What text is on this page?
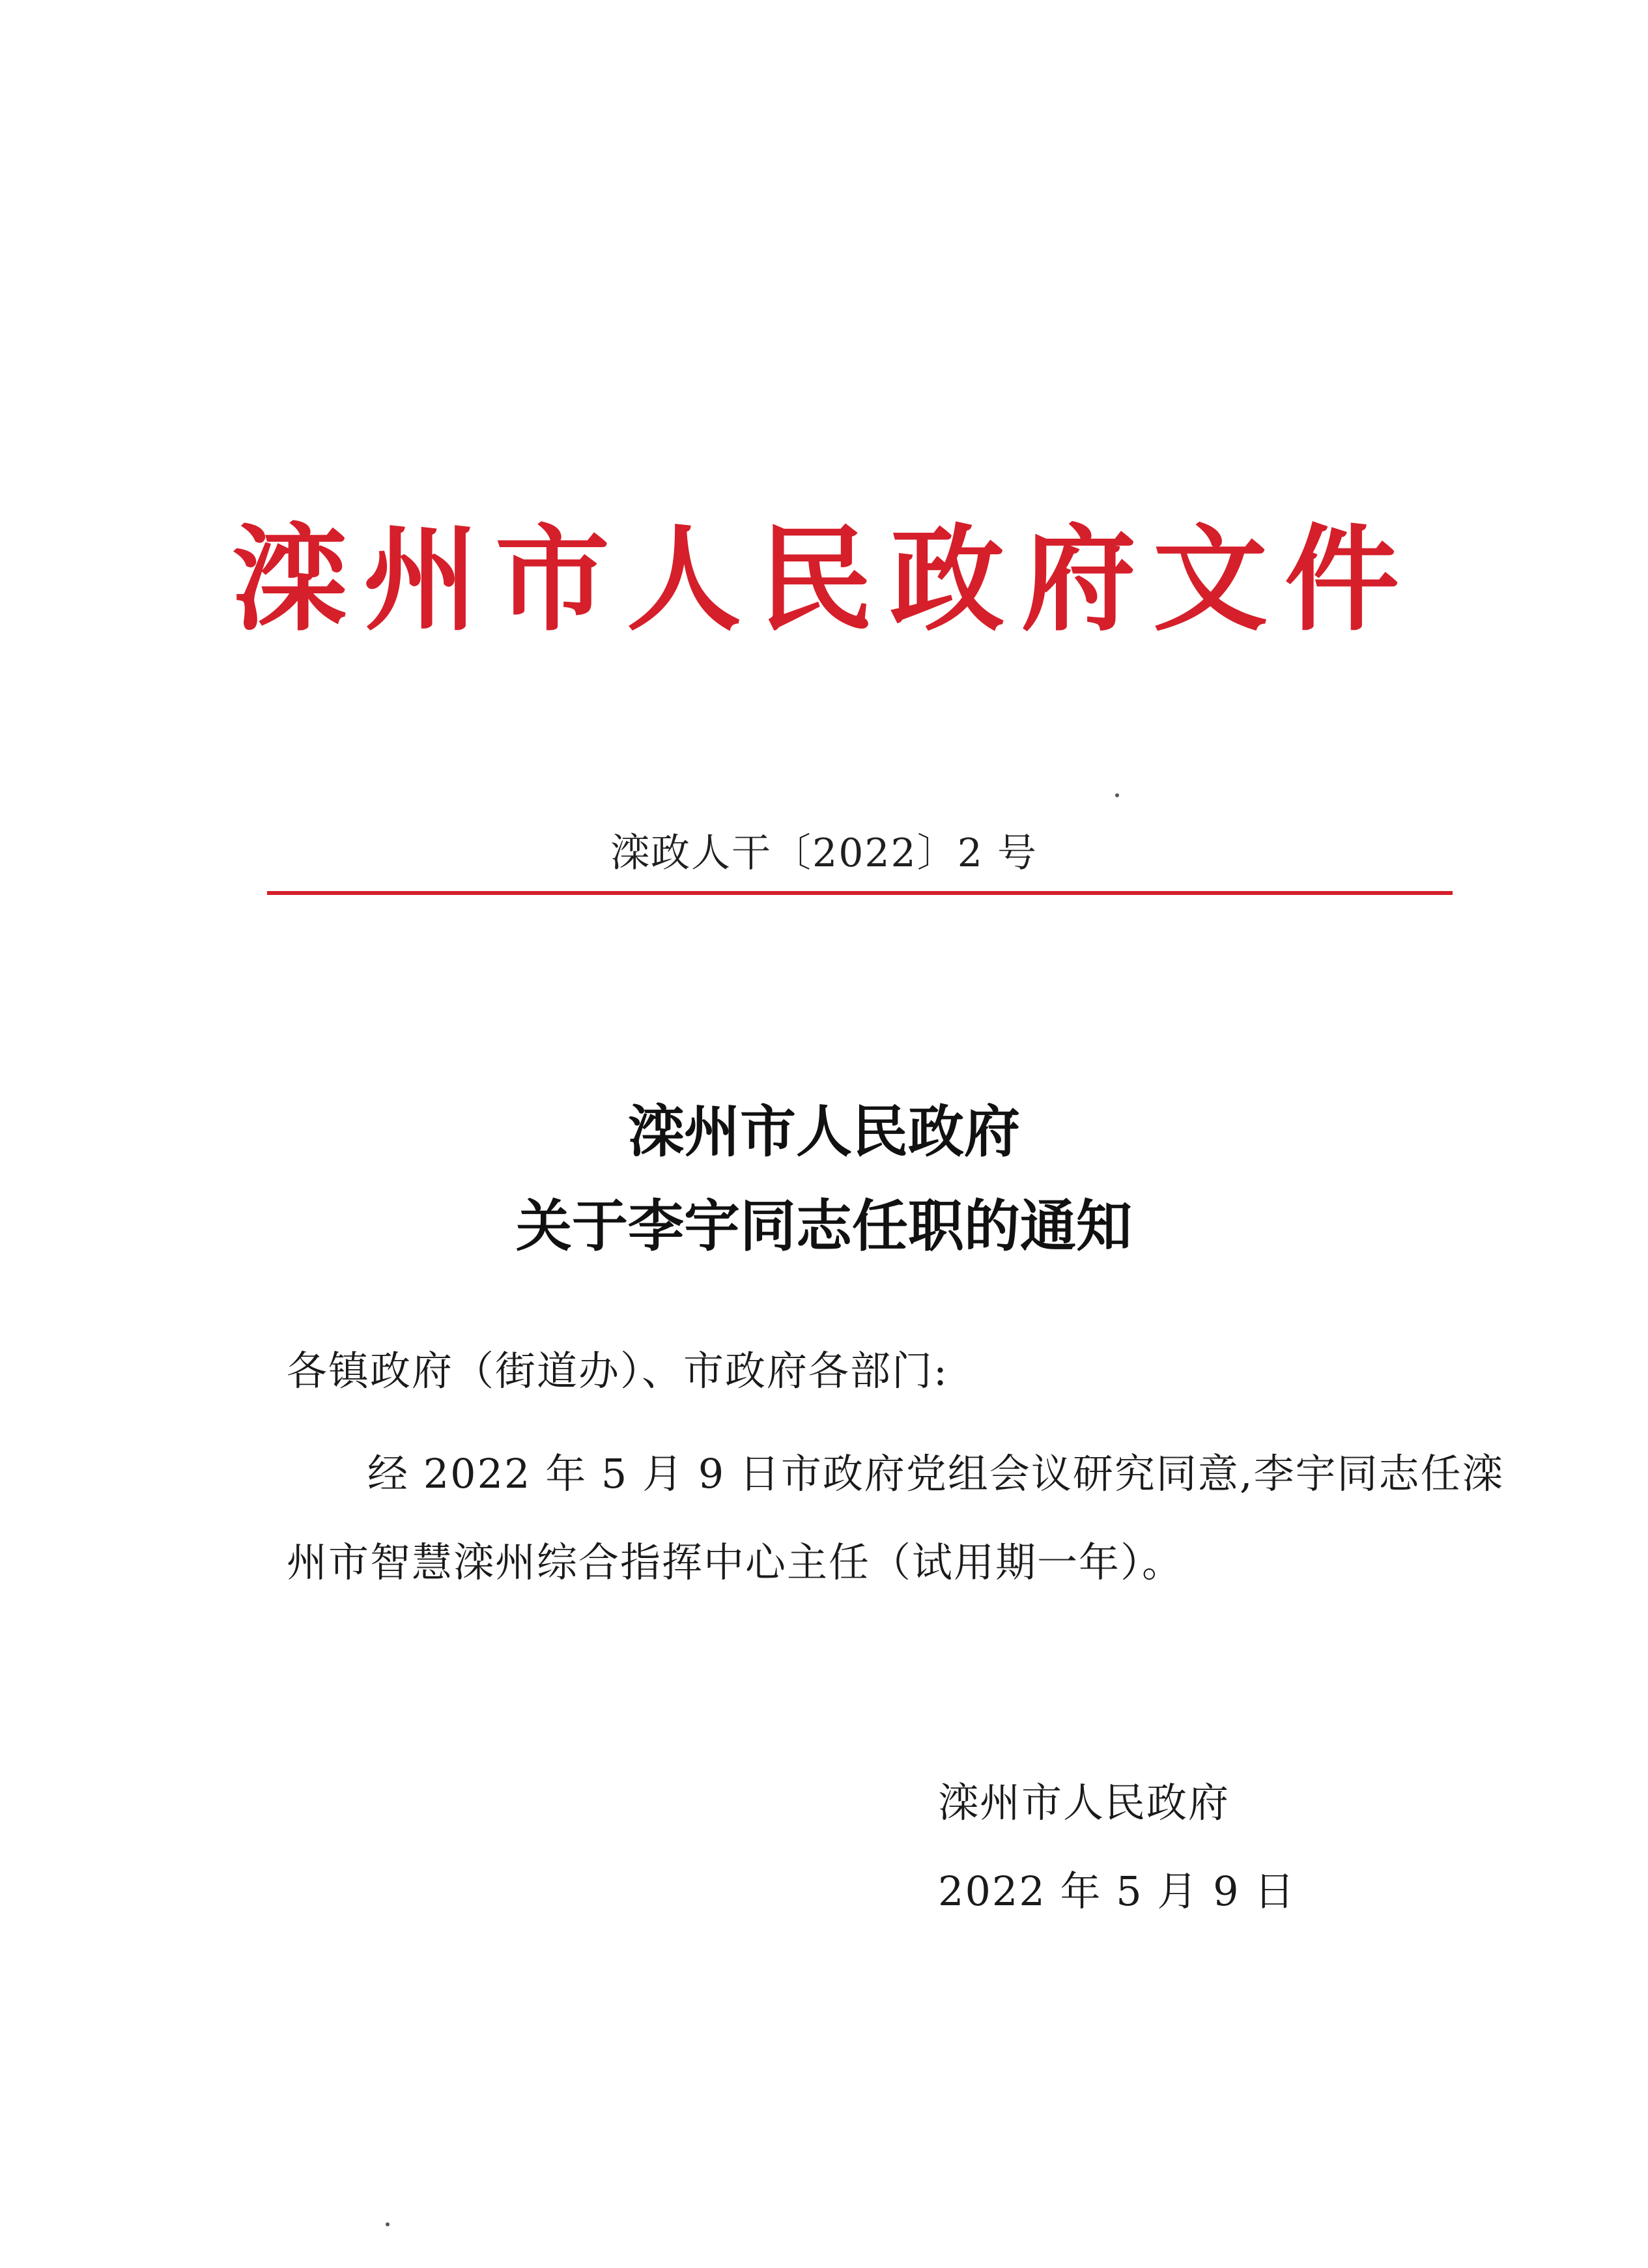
滦州市人民政府文件
滦政人干〔2022〕2 号
滦州市人民政府
关于李宇同志任职的通知
各镇政府（街道办）、市政府各部门:
经 2022 年 5 月 9 日市政府党组会议研究同意,李宇同志任滦
州市智慧滦州综合指挥中心主任（试用期一年）。
滦州市人民政府
2022 年 5 月 9 日
